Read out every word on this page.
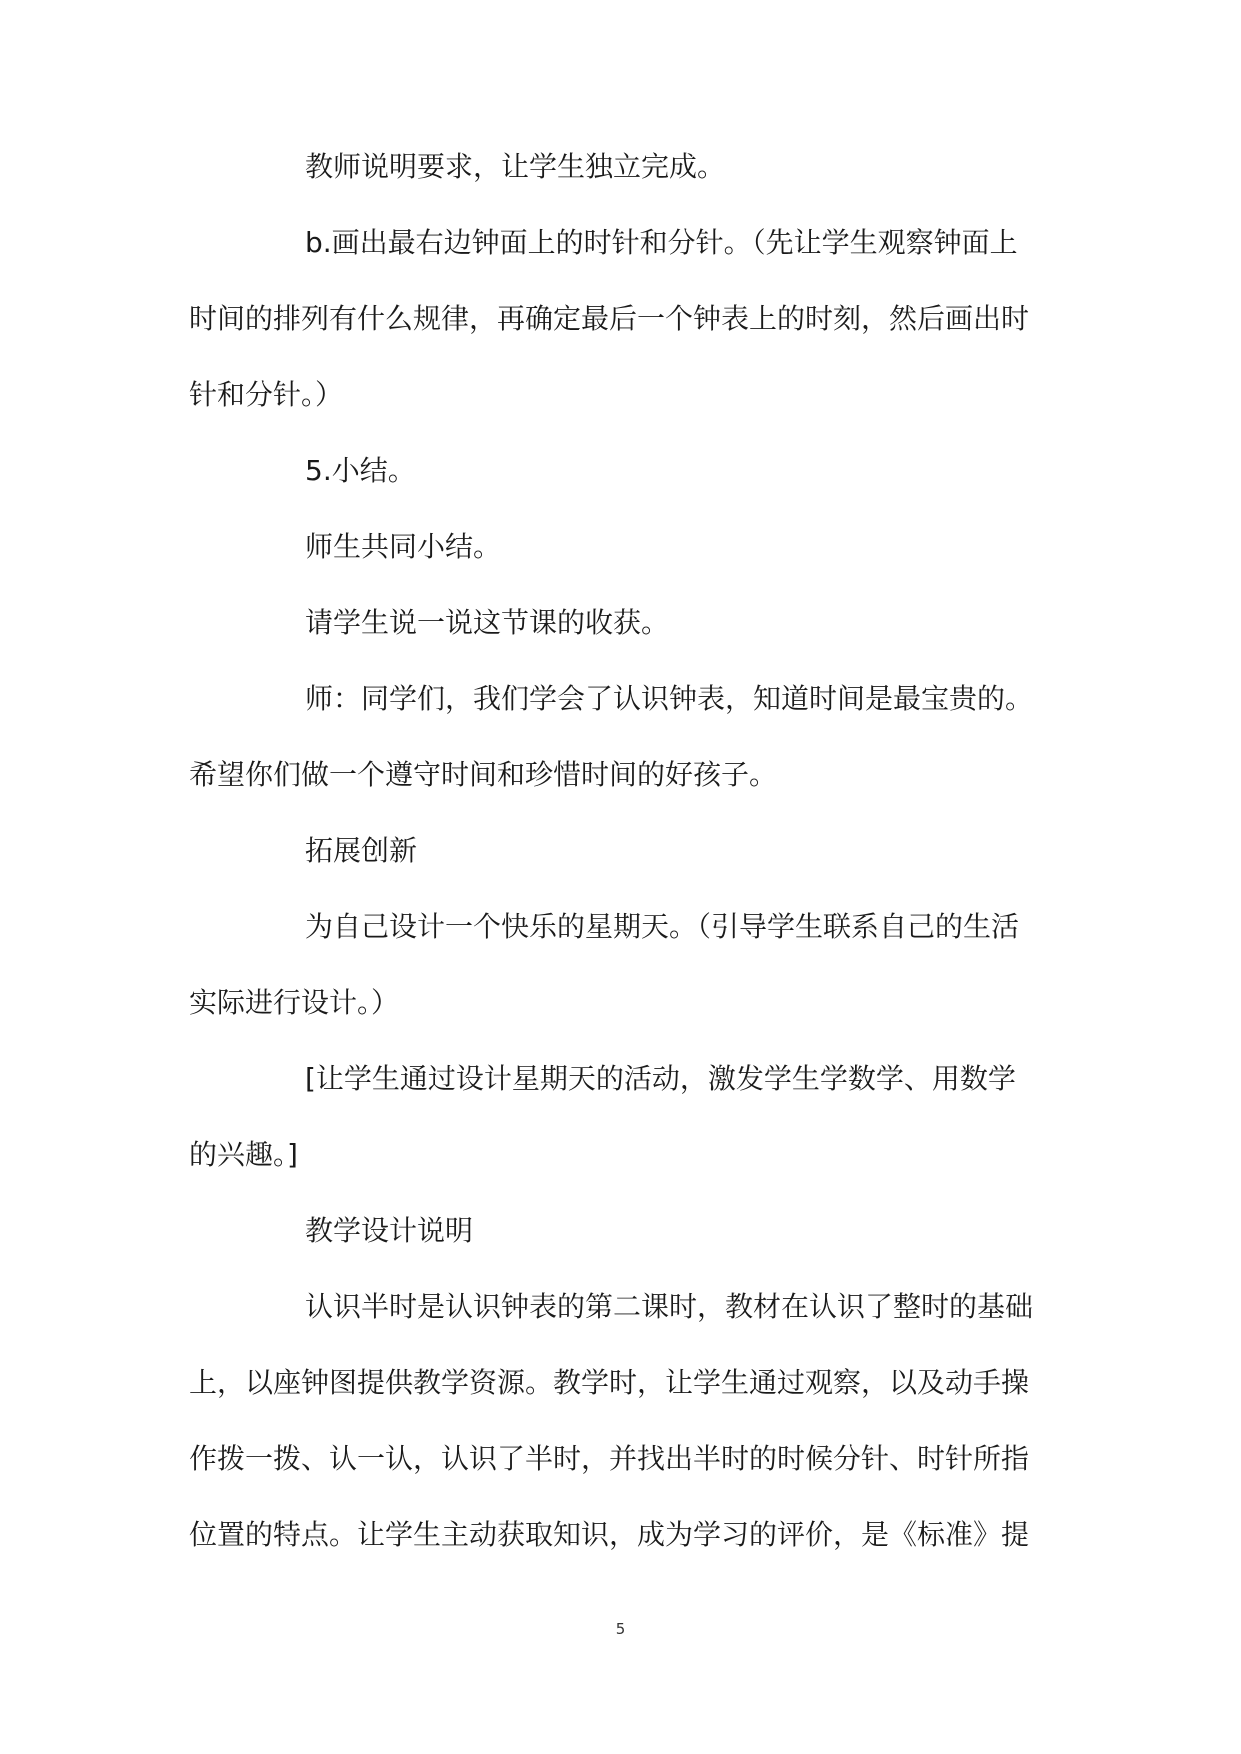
教师说明要求，让学生独立完成。
b.画出最右边钟面上的时针和分针。（先让学生观察钟面上
时间的排列有什么规律，再确定最后一个钟表上的时刻，然后画出时
针和分针。）
5.小结。
师生共同小结。
请学生说一说这节课的收获。
师：同学们，我们学会了认识钟表，知道时间是最宝贵的。
希望你们做一个遵守时间和珍惜时间的好孩子。
拓展创新
为自己设计一个快乐的星期天。（引导学生联系自己的生活
实际进行设计。）
[让学生通过设计星期天的活动，激发学生学数学、用数学
的兴趣。]
教学设计说明
认识半时是认识钟表的第二课时，教材在认识了整时的基础
上，以座钟图提供教学资源。教学时，让学生通过观察，以及动手操
作拨一拨、认一认，认识了半时，并找出半时的时候分针、时针所指
位置的特点。让学生主动获取知识，成为学习的评价，是《标准》提
5
